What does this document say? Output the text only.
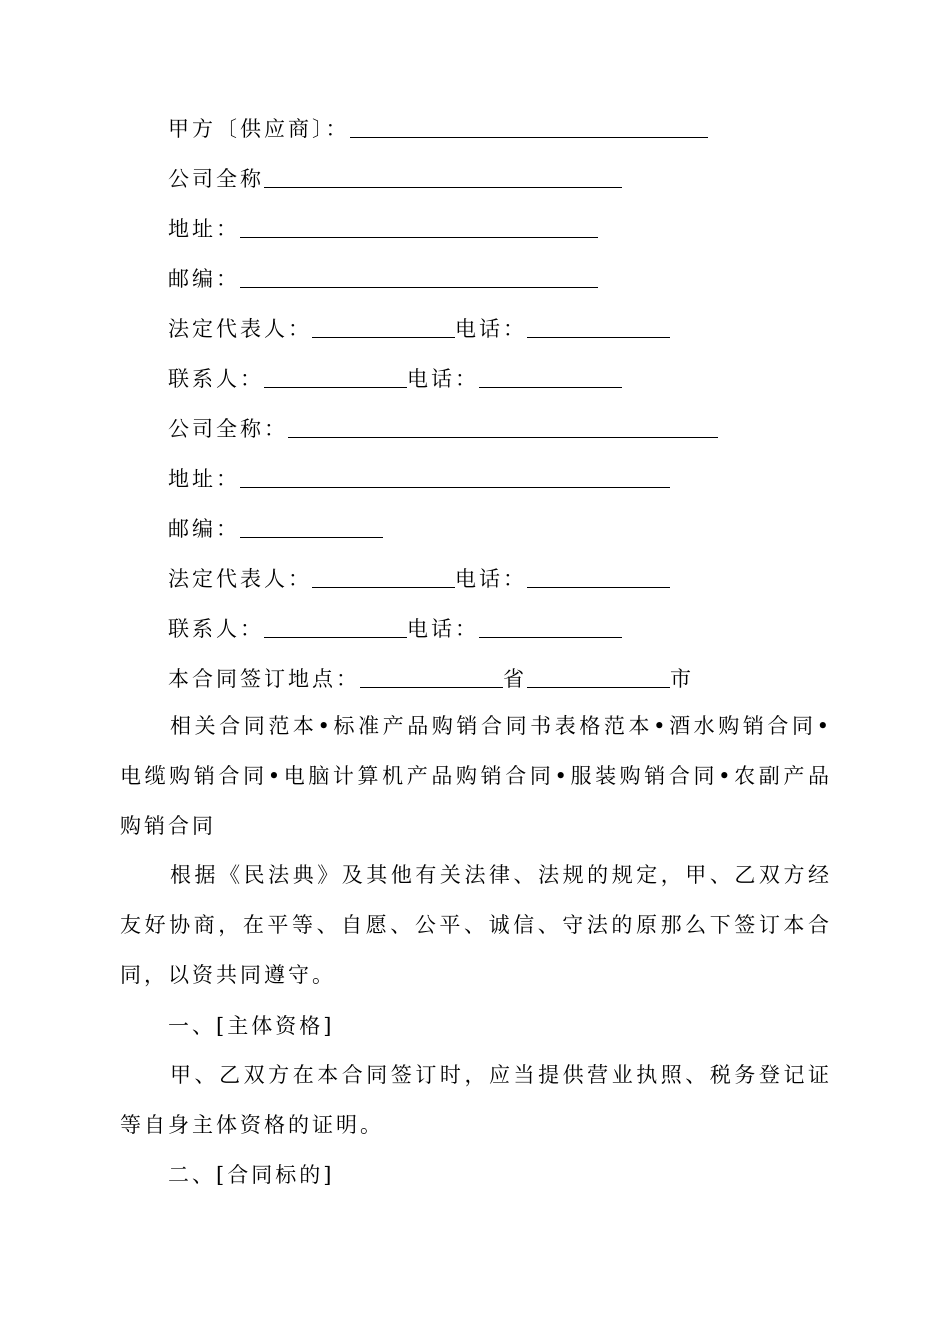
甲方〔供应商〕：
公司全称
地址：
邮编：
法定代表人：	电话：
联系人：	电话：
公司全称：
地址：
邮编：
法定代表人：	电话：
联系人：	电话：
本合同签订地点：	省	市

相关合同范本•标准产品购销合同书表格范本•酒水购销合同•电缆购销合同•电脑计算机产品购销合同•服装购销合同•农副产品购销合同

根据《民法典》及其他有关法律、法规的规定，甲、乙双方经友好协商，在平等、自愿、公平、诚信、守法的原那么下签订本合同，以资共同遵守。

一、[主体资格]

甲、乙双方在本合同签订时，应当提供营业执照、税务登记证等自身主体资格的证明。

二、[合同标的]
